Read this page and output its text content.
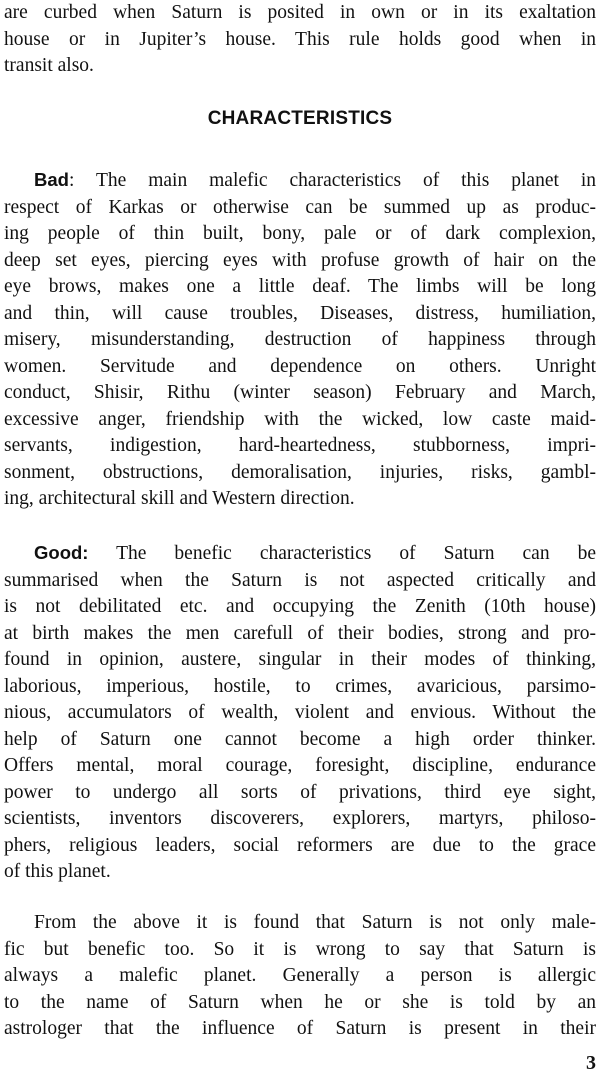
are curbed when Saturn is posited in own or in its exaltation
house or in Jupiter’s house. This rule holds good when in
transit also.

CHARACTERISTICS

Bad: The main malefic characteristics of this planet in
respect of Karkas or otherwise can be summed up as produc-
ing people of thin built, bony, pale or of dark complexion,
deep set eyes, piercing eyes with profuse growth of hair on the
eye brows, makes one a little deaf. The limbs will be long
and thin, will cause troubles, Diseases, distress, humiliation,
misery, misunderstanding, destruction of happiness through
women. Servitude and dependence on others. Unright
conduct, Shisir, Rithu (winter season) February and March,
excessive anger, friendship with the wicked, low caste maid-
servants, indigestion, hard-heartedness, stubborness, impri-
sonment, obstructions, demoralisation, injuries, risks, gambl-
ing, architectural skill and Western direction.

Good: The benefic characteristics of Saturn can be
summarised when the Saturn is not aspected critically and
is not debilitated etc. and occupying the Zenith (10th house)
at birth makes the men carefull of their bodies, strong and pro-
found in opinion, austere, singular in their modes of thinking,
laborious, imperious, hostile, to crimes, avaricious, parsimo-
nious, accumulators of wealth, violent and envious. Without the
help of Saturn one cannot become a high order thinker.
Offers mental, moral courage, foresight, discipline, endurance
power to undergo all sorts of privations, third eye sight,
scientists, inventors discoverers, explorers, martyrs, philoso-
phers, religious leaders, social reformers are due to the grace
of this planet.

From the above it is found that Saturn is not only male-
fic but benefic too. So it is wrong to say that Saturn is
always a malefic planet. Generally a person is allergic
to the name of Saturn when he or she is told by an
astrologer that the influence of Saturn is present in their

3
